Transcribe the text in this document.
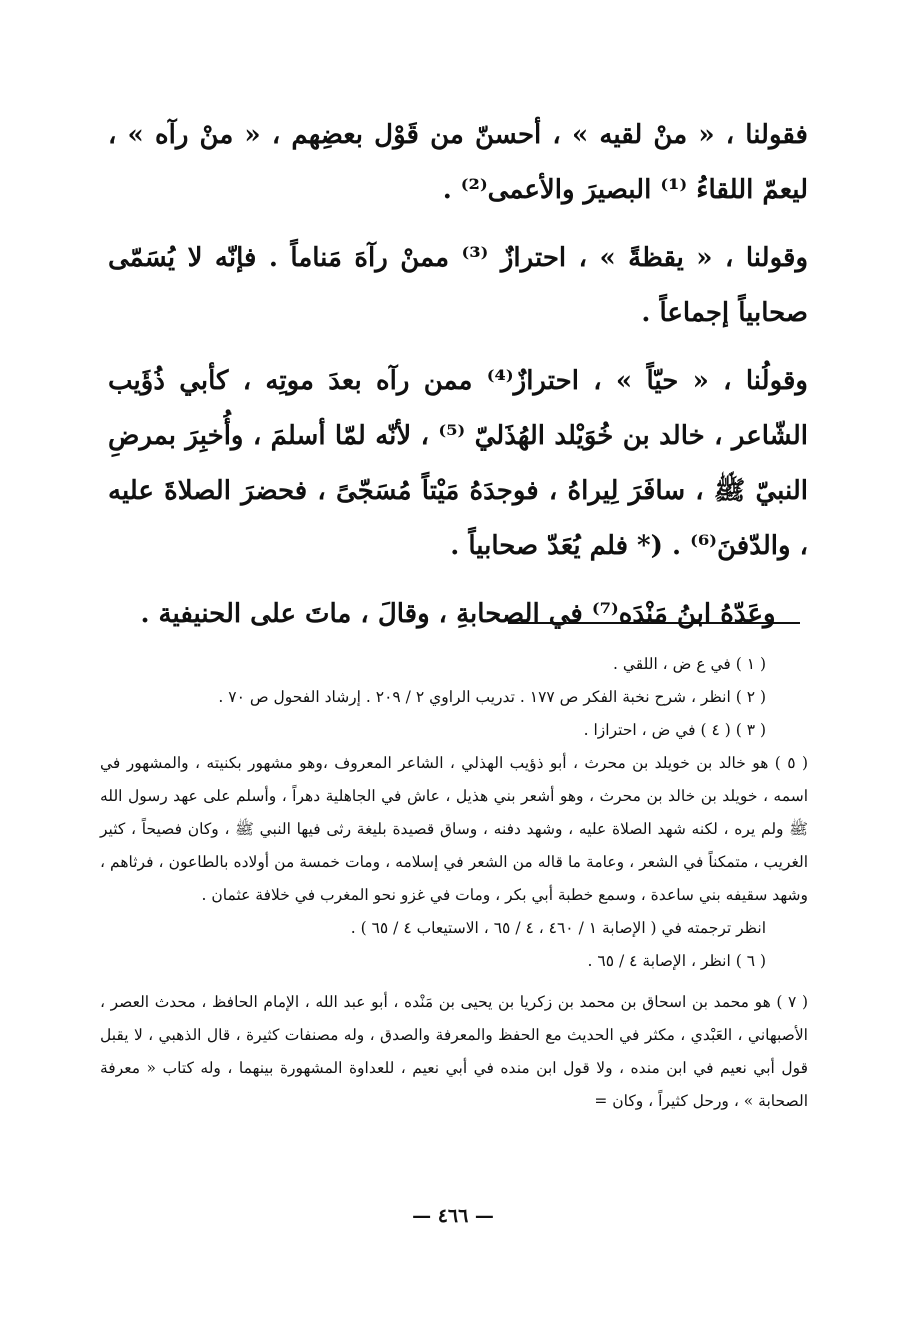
فقولنا ، « منْ لقيه » ، أحسنّ من قَوْل بعضِهم ، « منْ رآه » ، ليعمّ اللقاءُ ⁽¹⁾ البصيرَ والأعمى⁽²⁾ .

وقولنا ، « يقظةً » ، احترازٌ ⁽³⁾ ممنْ رآهَ مَناماً . فإنّه لا يُسَمّى صحابياً إجماعاً .

وقولُنا ، « حيّاً » ، احترازٌ⁽⁴⁾ ممن رآه بعدَ موتِه ، كأبي ذُؤَيب الشّاعر ، خالد بن خُوَيْلد الهُذَليّ ⁽⁵⁾ ، لأنّه لمّا أسلمَ ، وأُخبِرَ بمرضِ النبيّ ﷺ ، سافَرَ لِيراهُ ، فوجدَهُ مَيْتاً مُسَجّىً ، فحضرَ الصلاةَ عليه ، والدّفنَ⁽⁶⁾ . (* فلم يُعَدّ صحابياً .

وعَدّهُ ابنُ مَنْدَه⁽⁷⁾ في الصحابةِ ، وقالَ ، ماتَ على الحنيفية .

( ١ ) في ع ض ، اللقي .

( ٢ ) انظر ، شرح نخبة الفكر ص ١٧٧ . تدريب الراوي ٢ / ٢٠٩ . إرشاد الفحول ص ٧٠ .

( ٣ ) ( ٤ ) في ض ، احترازا .

( ٥ ) هو خالد بن خويلد بن محرث ، أبو ذؤيب الهذلي ، الشاعر المعروف ،وهو مشهور بكنيته ، والمشهور في اسمه ، خويلد بن خالد بن محرث ، وهو أشعر بني هذيل ، عاش في الجاهلية دهراً ، وأسلم على عهد رسول الله ﷺ ولم يره ، لكنه شهد الصلاة عليه ، وشهد دفنه ، وساق قصيدة بليغة رثى فيها النبي ﷺ ، وكان فصيحاً ، كثير الغريب ، متمكناً في الشعر ، وعامة ما قاله من الشعر في إسلامه ، ومات خمسة من أولاده بالطاعون ، فرثاهم ، وشهد سقيفه بني ساعدة ، وسمع خطبة أبي بكر ، ومات في غزو نحو المغرب في خلافة عثمان .

انظر ترجمته في ( الإصابة ١ / ٤٦٠ ، ٤ / ٦٥ ، الاستيعاب ٤ / ٦٥ ) .

( ٦ ) انظر ، الإصابة ٤ / ٦٥ .

( ٧ ) هو محمد بن اسحاق بن محمد بن زكريا بن يحيى بن مَنْده ، أبو عبد الله ، الإمام الحافظ ، محدث العصر ، الأصبهاني ، العَبْدي ، مكثر في الحديث مع الحفظ والمعرفة والصدق ، وله مصنفات كثيرة ، قال الذهبي ، لا يقبل قول أبي نعيم في ابن منده ، ولا قول ابن منده في أبي نعيم ، للعداوة المشهورة بينهما ، وله كتاب « معرفة الصحابة » ، ورحل كثيراً ، وكان =

— ٤٦٦ —
